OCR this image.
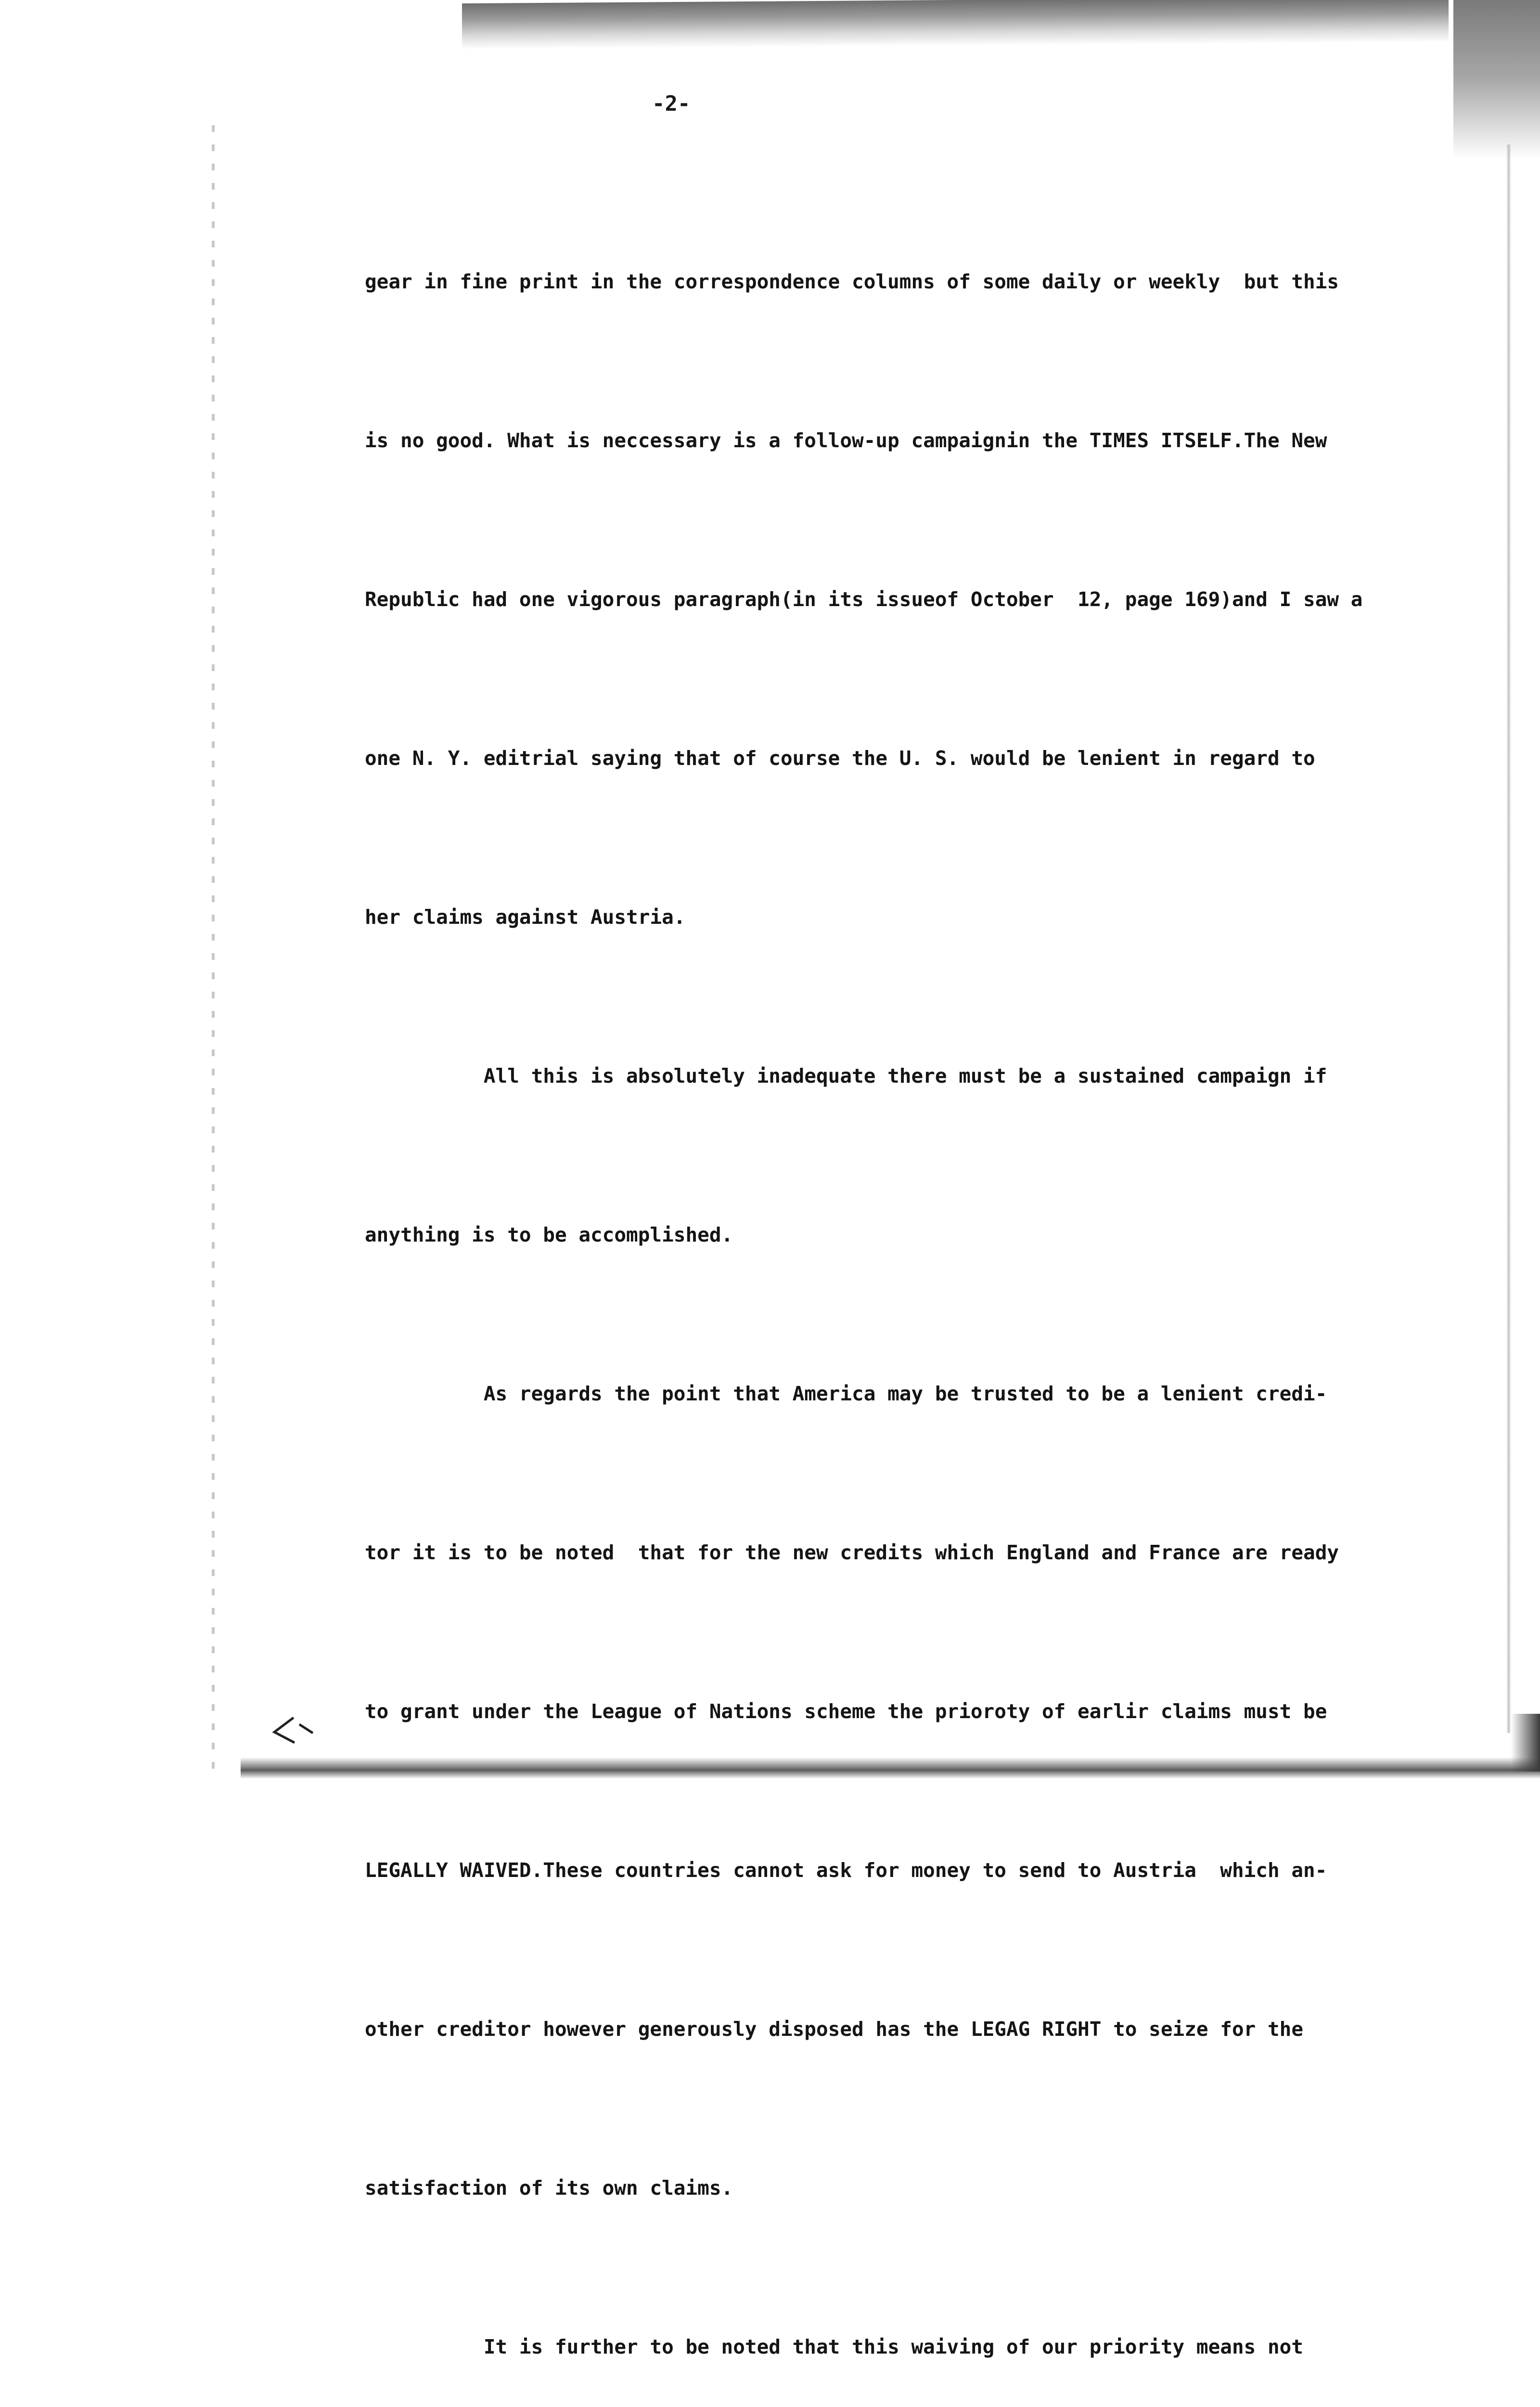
-2-

gear in fine print in the correspondence columns of some daily or weekly  but this

is no good. What is neccessary is a follow-up campaignin the TIMES ITSELF.The New

Republic had one vigorous paragraph(in its issueof October  12, page 169)and I saw a

one N. Y. editrial saying that of course the U. S. would be lenient in regard to

her claims against Austria.

All this is absolutely inadequate there must be a sustained campaign if

anything is to be accomplished.

As regards the point that America may be trusted to be a lenient credi-

tor it is to be noted  that for the new credits which England and France are ready

to grant under the League of Nations scheme the prioroty of earlir claims must be

LEGALLY WAIVED.These countries cannot ask for money to send to Austria  which an-

other creditor however generously disposed has the LEGAG RIGHT to seize for the

satisfaction of its own claims.

It is further to be noted that this waiving of our priority means not
